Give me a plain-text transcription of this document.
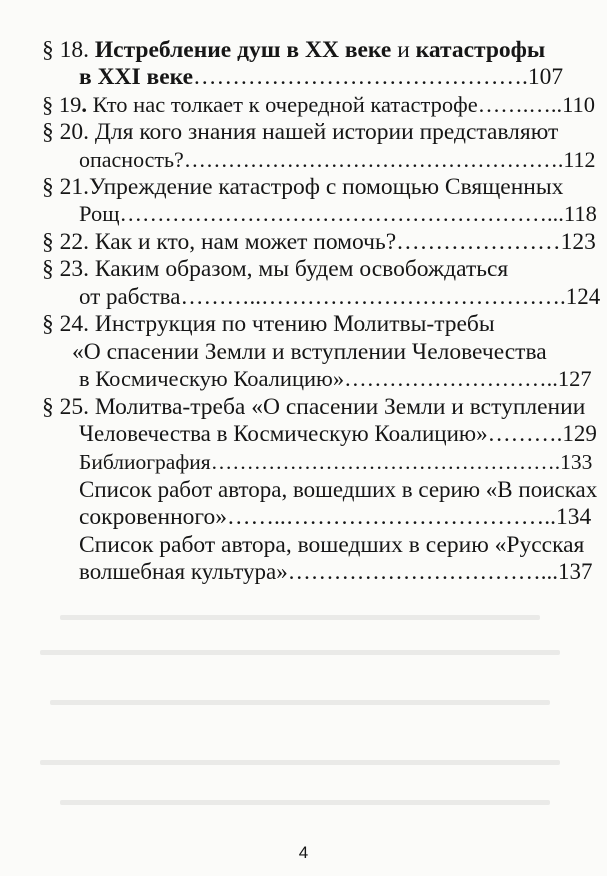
§ 18. Истребление душ в XX веке и катастрофы
в XXI веке…………………………………….107
§ 19. Кто нас толкает к очередной катастрофе…….…..110
§ 20. Для кого знания нашей истории представляют
опасность?…………………………………………….112
§ 21.Упреждение катастроф с помощью Священных
Рощ…………………………………………………...118
§ 22. Как и кто, нам может помочь?…………………123
§ 23. Каким образом, мы будем освобождаться
от рабства………..………………………………….124
§ 24. Инструкция по чтению Молитвы-требы
«О спасении Земли и вступлении Человечества
в Космическую Коалицию»………………………..127
§ 25. Молитва-треба «О спасении Земли и вступлении
Человечества в Космическую Коалицию»……….129
Библиография………………………………………….133
Список работ автора, вошедших в серию «В поисках
сокровенного»……..……………………………..134
Список работ автора, вошедших в серию «Русская
волшебная культура»……………………………...137
4
